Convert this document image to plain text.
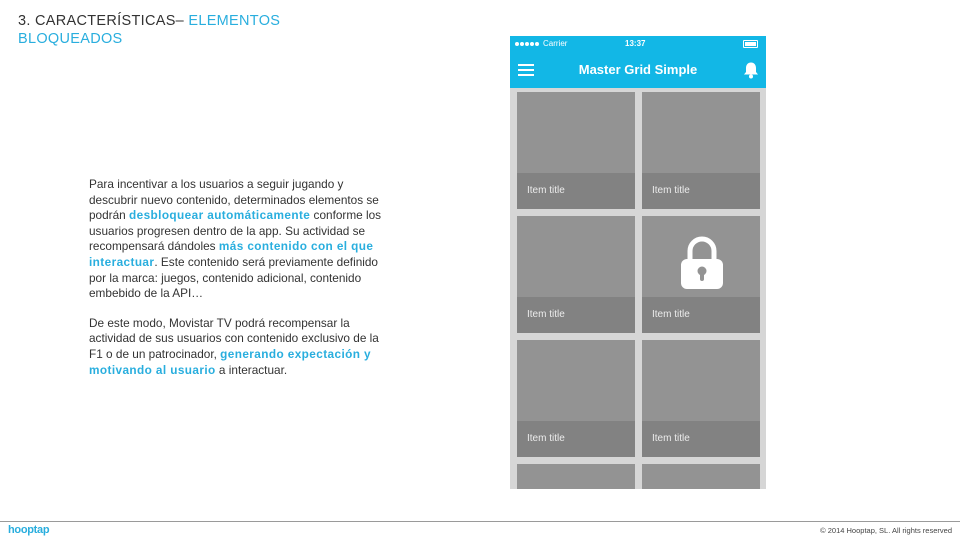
3. CARACTERÍSTICAS– ELEMENTOS BLOQUEADOS

Para incentivar a los usuarios a seguir jugando y descubrir nuevo contenido, determinados elementos se podrán desbloquear automáticamente conforme los usuarios progresen dentro de la app. Su actividad se recompensará dándoles más contenido con el que interactuar. Este contenido será previamente definido por la marca: juegos, contenido adicional, contenido embebido de la API…

De este modo, Movistar TV podrá recompensar la actividad de sus usuarios con contenido exclusivo de la F1 o de un patrocinador, generando expectación y motivando al usuario a interactuar.

Carrier	13:37
Master Grid Simple
Item title	Item title
Item title	Item title
Item title	Item title
hooptap	© 2014 Hooptap, SL. All rights reserved
